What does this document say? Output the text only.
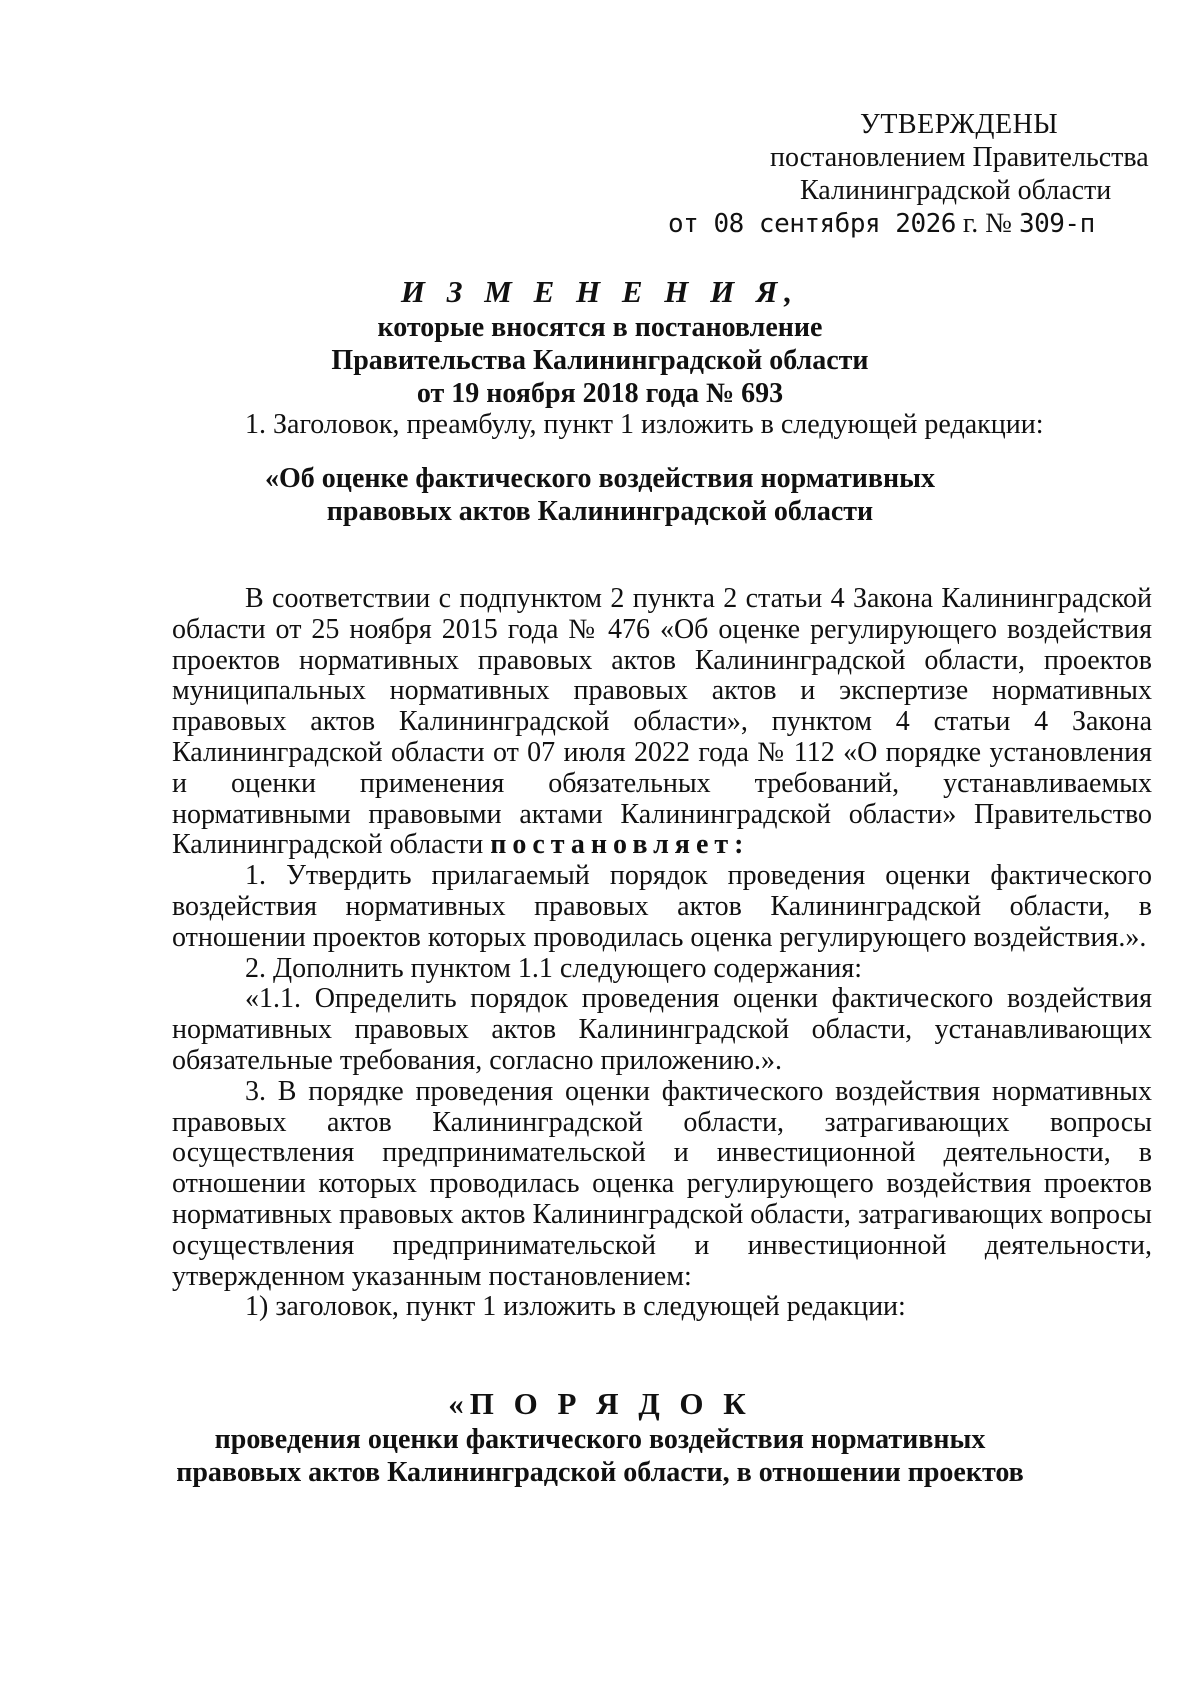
УТВЕРЖДЕНЫ
постановлением Правительства
Калининградской области
от 08 сентября 2026 г. № 309-п
И З М Е Н Е Н И Я,
которые вносятся в постановление
Правительства Калининградской области
от 19 ноября 2018 года № 693

1. Заголовок, преамбулу, пункт 1 изложить в следующей редакции:

«Об оценке фактического воздействия нормативных
правовых актов Калининградской области

В соответствии с подпунктом 2 пункта 2 статьи 4 Закона Калининградской области от 25 ноября 2015 года № 476 «Об оценке регулирующего воздействия проектов нормативных правовых актов Калининградской области, проектов муниципальных нормативных правовых актов и экспертизе нормативных правовых актов Калининградской области», пунктом 4 статьи 4 Закона Калининградской области от 07 июля 2022 года № 112 «О порядке установления и оценки применения обязательных требований, устанавливаемых нормативными правовыми актами Калининградской области» Правительство Калининградской области постановляет:

1. Утвердить прилагаемый порядок проведения оценки фактического воздействия нормативных правовых актов Калининградской области, в отношении проектов которых проводилась оценка регулирующего воздействия.».

2. Дополнить пунктом 1.1 следующего содержания:

«1.1. Определить порядок проведения оценки фактического воздействия нормативных правовых актов Калининградской области, устанавливающих обязательные требования, согласно приложению.».

3. В порядке проведения оценки фактического воздействия нормативных правовых актов Калининградской области, затрагивающих вопросы осуществления предпринимательской и инвестиционной деятельности, в отношении которых проводилась оценка регулирующего воздействия проектов нормативных правовых актов Калининградской области, затрагивающих вопросы осуществления предпринимательской и инвестиционной деятельности, утвержденном указанным постановлением:

1) заголовок, пункт 1 изложить в следующей редакции:

«П О Р Я Д О К
проведения оценки фактического воздействия нормативных
правовых актов Калининградской области, в отношении проектов
